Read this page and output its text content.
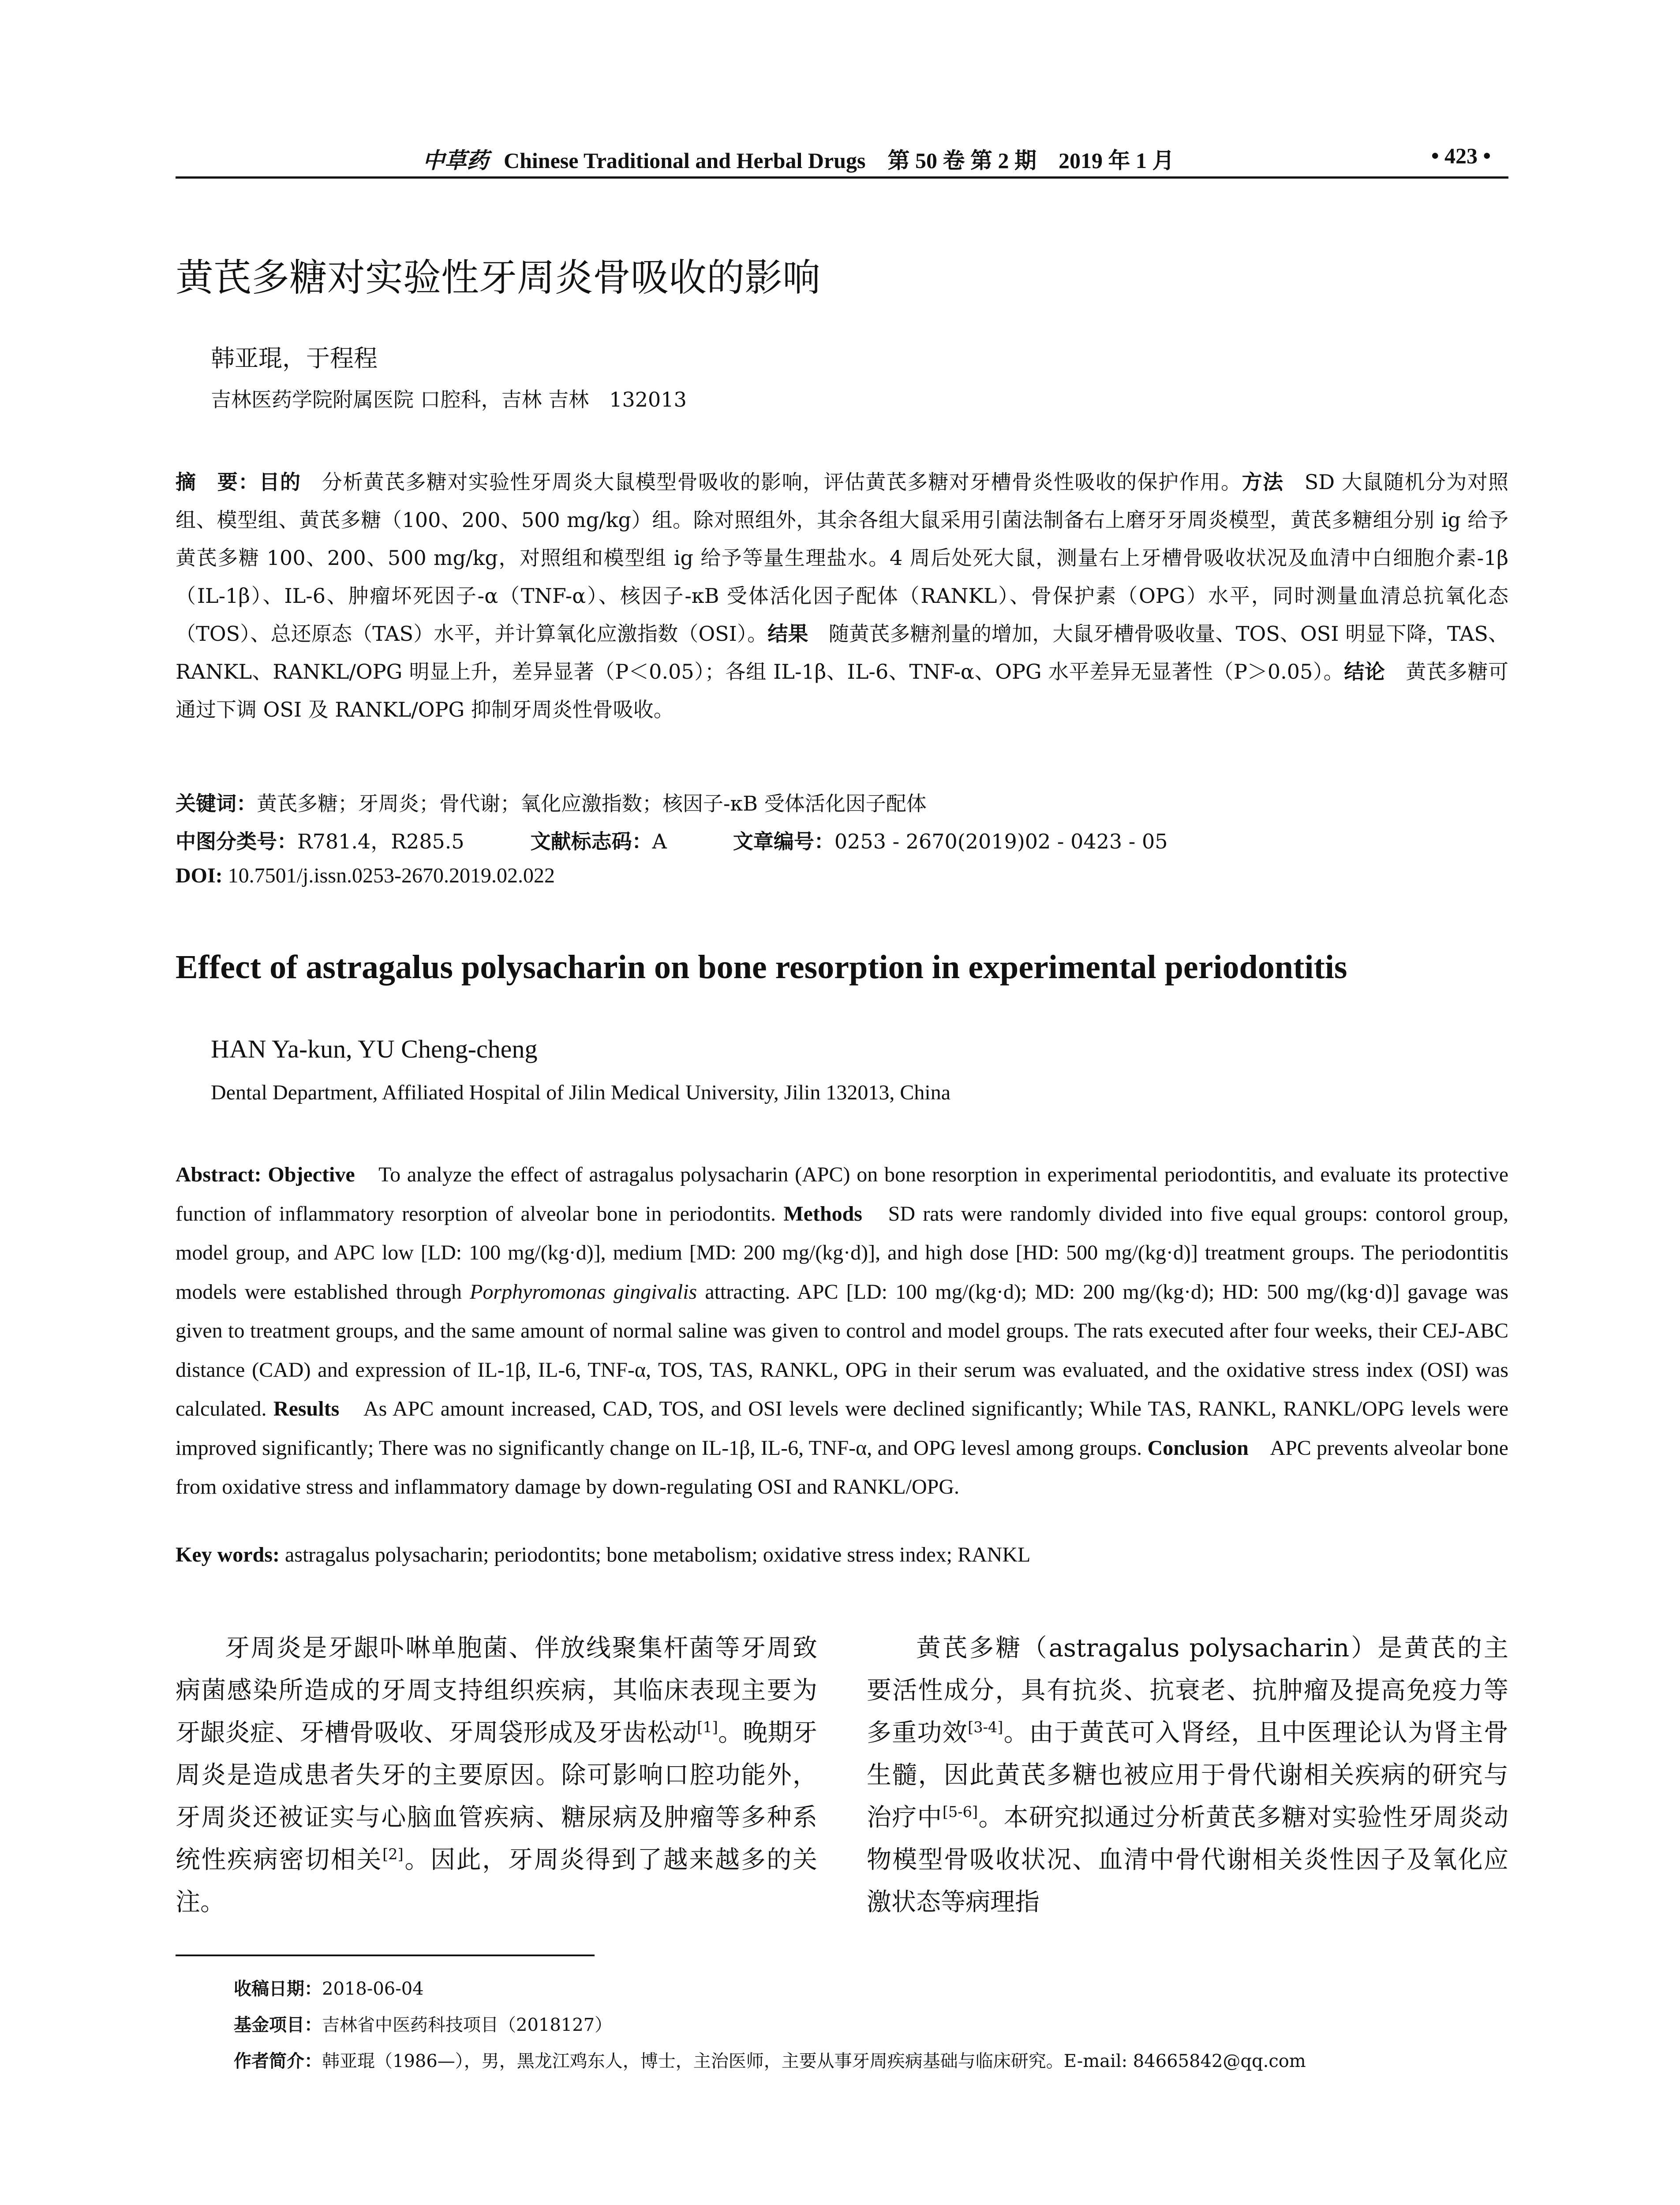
中草药 Chinese Traditional and Herbal Drugs　第 50 卷 第 2 期　2019 年 1 月	• 423 •
黄芪多糖对实验性牙周炎骨吸收的影响
韩亚琨，于程程
吉林医药学院附属医院 口腔科，吉林 吉林　132013
摘　要：目的　分析黄芪多糖对实验性牙周炎大鼠模型骨吸收的影响，评估黄芪多糖对牙槽骨炎性吸收的保护作用。方法　SD 大鼠随机分为对照组、模型组、黄芪多糖（100、200、500 mg/kg）组。除对照组外，其余各组大鼠采用引菌法制备右上磨牙牙周炎模型，黄芪多糖组分别 ig 给予黄芪多糖 100、200、500 mg/kg，对照组和模型组 ig 给予等量生理盐水。4 周后处死大鼠，测量右上牙槽骨吸收状况及血清中白细胞介素-1β（IL-1β）、IL-6、肿瘤坏死因子-α（TNF-α）、核因子-κB 受体活化因子配体（RANKL）、骨保护素（OPG）水平，同时测量血清总抗氧化态（TOS）、总还原态（TAS）水平，并计算氧化应激指数（OSI）。结果　随黄芪多糖剂量的增加，大鼠牙槽骨吸收量、TOS、OSI 明显下降，TAS、RANKL、RANKL/OPG 明显上升，差异显著（P＜0.05）；各组 IL-1β、IL-6、TNF-α、OPG 水平差异无显著性（P＞0.05）。结论　黄芪多糖可通过下调 OSI 及 RANKL/OPG 抑制牙周炎性骨吸收。
关键词：黄芪多糖；牙周炎；骨代谢；氧化应激指数；核因子-κB 受体活化因子配体
中图分类号：R781.4，R285.5	文献标志码：A	文章编号：0253 - 2670(2019)02 - 0423 - 05
DOI: 10.7501/j.issn.0253-2670.2019.02.022
Effect of astragalus polysacharin on bone resorption in experimental periodontitis
HAN Ya-kun, YU Cheng-cheng
Dental Department, Affiliated Hospital of Jilin Medical University, Jilin 132013, China
Abstract: Objective　To analyze the effect of astragalus polysacharin (APC) on bone resorption in experimental periodontitis, and evaluate its protective function of inflammatory resorption of alveolar bone in periodontits. Methods　SD rats were randomly divided into five equal groups: contorol group, model group, and APC low [LD: 100 mg/(kg·d)], medium [MD: 200 mg/(kg·d)], and high dose [HD: 500 mg/(kg·d)] treatment groups. The periodontitis models were established through Porphyromonas gingivalis attracting. APC [LD: 100 mg/(kg·d); MD: 200 mg/(kg·d); HD: 500 mg/(kg·d)] gavage was given to treatment groups, and the same amount of normal saline was given to control and model groups. The rats executed after four weeks, their CEJ-ABC distance (CAD) and expression of IL-1β, IL-6, TNF-α, TOS, TAS, RANKL, OPG in their serum was evaluated, and the oxidative stress index (OSI) was calculated. Results　As APC amount increased, CAD, TOS, and OSI levels were declined significantly; While TAS, RANKL, RANKL/OPG levels were improved significantly; There was no significantly change on IL-1β, IL-6, TNF-α, and OPG levesl among groups. Conclusion　APC prevents alveolar bone from oxidative stress and inflammatory damage by down-regulating OSI and RANKL/OPG.
Key words: astragalus polysacharin; periodontits; bone metabolism; oxidative stress index; RANKL

牙周炎是牙龈卟啉单胞菌、伴放线聚集杆菌等牙周致病菌感染所造成的牙周支持组织疾病，其临床表现主要为牙龈炎症、牙槽骨吸收、牙周袋形成及牙齿松动[1]。晚期牙周炎是造成患者失牙的主要原因。除可影响口腔功能外，牙周炎还被证实与心脑血管疾病、糖尿病及肿瘤等多种系统性疾病密切相关[2]。因此，牙周炎得到了越来越多的关注。

黄芪多糖（astragalus polysacharin）是黄芪的主要活性成分，具有抗炎、抗衰老、抗肿瘤及提高免疫力等多重功效[3-4]。由于黄芪可入肾经，且中医理论认为肾主骨生髓，因此黄芪多糖也被应用于骨代谢相关疾病的研究与治疗中[5-6]。本研究拟通过分析黄芪多糖对实验性牙周炎动物模型骨吸收状况、血清中骨代谢相关炎性因子及氧化应激状态等病理指

收稿日期：2018-06-04
基金项目：吉林省中医药科技项目（2018127）
作者简介：韩亚琨（1986—），男，黑龙江鸡东人，博士，主治医师，主要从事牙周疾病基础与临床研究。E-mail: 84665842@qq.com
